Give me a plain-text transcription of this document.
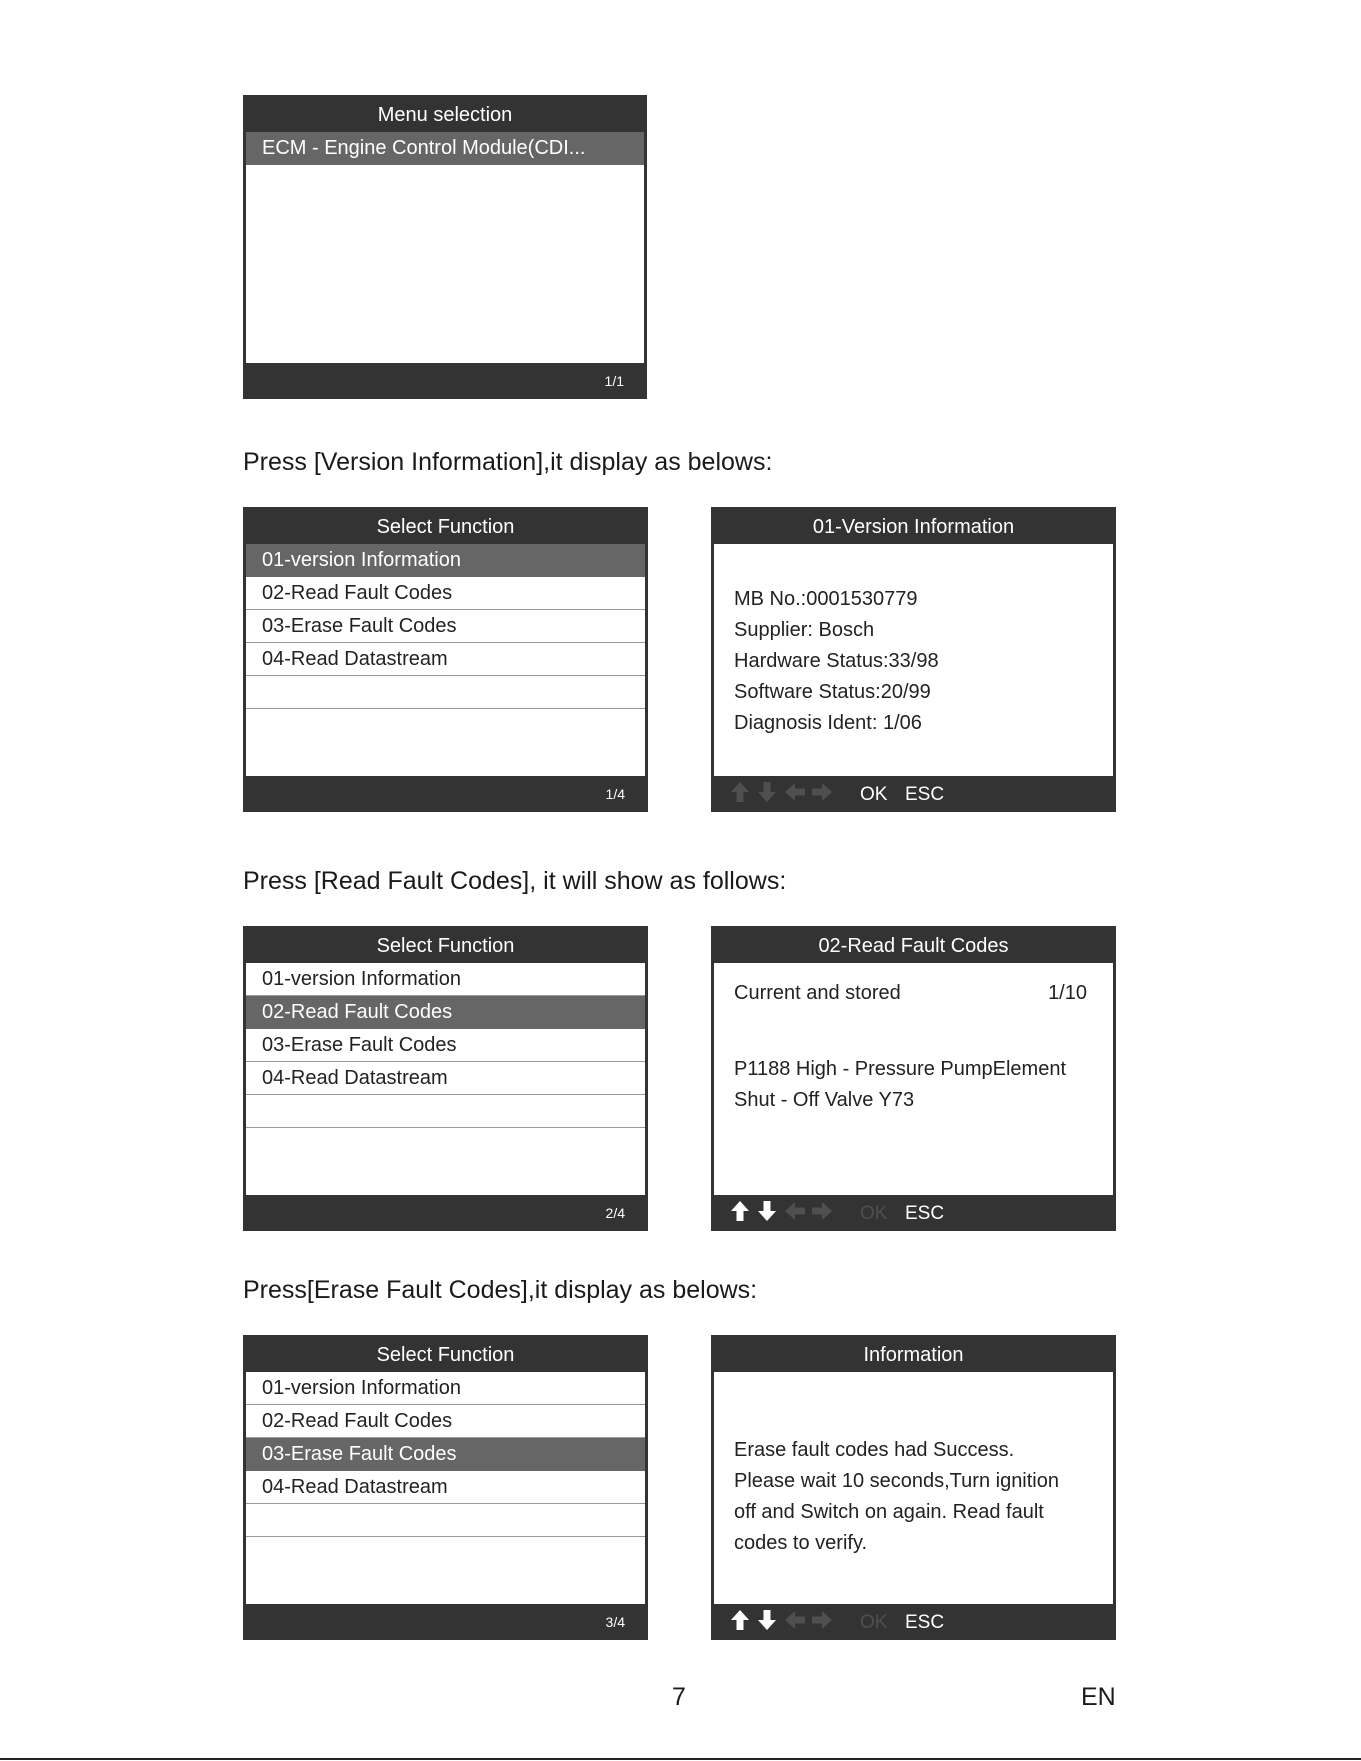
Menu selection
ECM - Engine Control Module(CDI...
1/1
Press [Version Information],it display as belows:
Select Function
01-version Information
02-Read Fault Codes
03-Erase Fault Codes
04-Read Datastream
1/4
01-Version Information
MB No.:0001530779
Supplier: Bosch
Hardware Status:33/98
Software Status:20/99
Diagnosis Ident: 1/06
OK ESC
Press [Read Fault Codes], it will show as follows:
Select Function
01-version Information
02-Read Fault Codes
03-Erase Fault Codes
04-Read Datastream
2/4
02-Read Fault Codes
Current and stored	1/10
P1188 High - Pressure PumpElement
Shut - Off Valve Y73
OK ESC
Press[Erase Fault Codes],it display as belows:
Select Function
01-version Information
02-Read Fault Codes
03-Erase Fault Codes
04-Read Datastream
3/4
Information
Erase fault codes had Success.
Please wait 10 seconds,Turn ignition
off and Switch on again. Read fault
codes to verify.
OK ESC
7	EN
